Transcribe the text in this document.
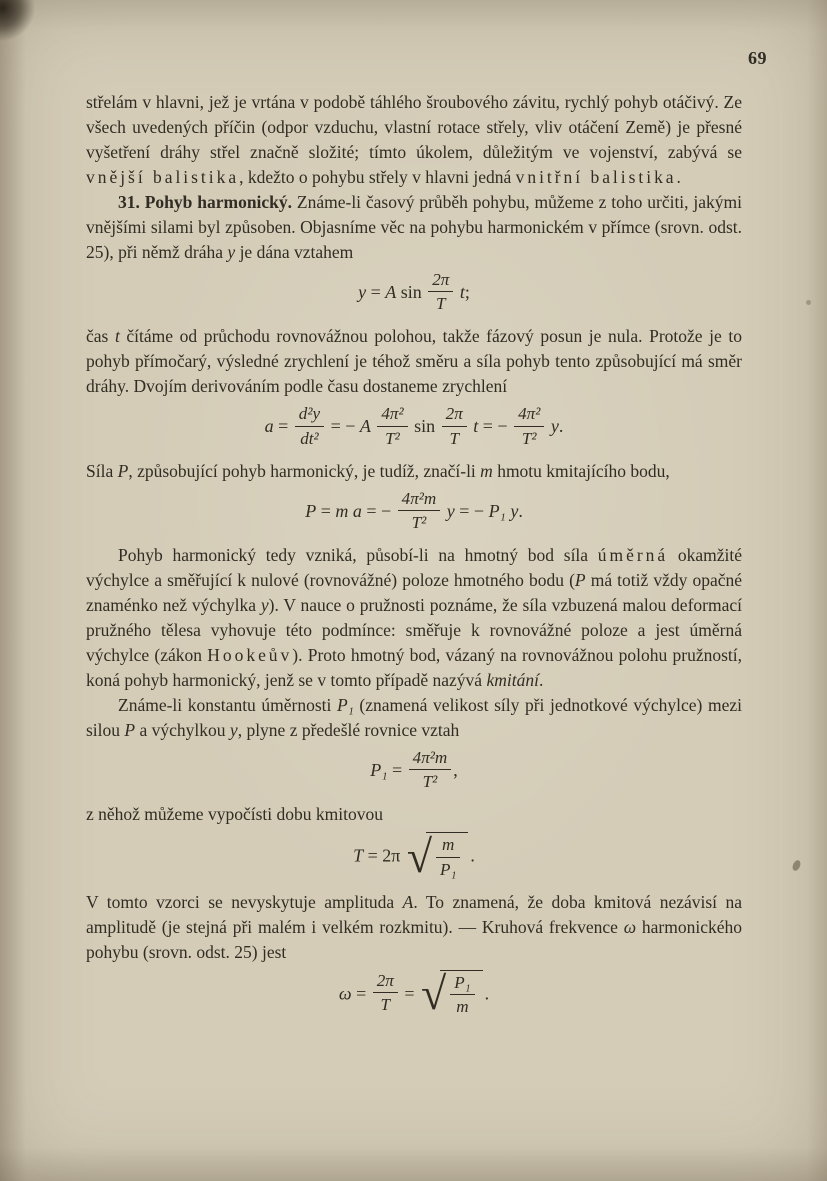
69

střelám v hlavni, jež je vrtána v podobě táhlého šroubového závitu, rychlý pohyb otáčivý. Ze všech uvedených příčin (odpor vzduchu, vlastní rotace střely, vliv otáčení Země) je přesné vyšetření dráhy střel značně složité; tímto úkolem, důležitým ve vojenství, zabývá se vnější balistika, kdežto o pohybu střely v hlavni jedná vnitřní balistika.

31. Pohyb harmonický. Známe-li časový průběh pohybu, můžeme z toho určiti, jakými vnějšími silami byl způsoben. Objasníme věc na pohybu harmonickém v přímce (srovn. odst. 25), při němž dráha y je dána vztahem

y = A $\sin \frac{2\pi}{T} t$;

čas t čítáme od průchodu rovnovážnou polohou, takže fázový posun je nula. Protože je to pohyb přímočarý, výsledné zrychlení je téhož směru a síla pohyb tento způsobující má směr dráhy. Dvojím derivováním podle času dostaneme zrychlení

$a = \frac{\text{d²y}}{\text{dt²}}$ = − A $\frac{\text{4π²}}{\text{T²}}$ $\sin \frac{2\pi}{T}$ t = − $\frac{\text{4π²}}{\text{T²}} y$.

Síla P, způsobující pohyb harmonický, je tudíž, značí-li m hmotu kmitajícího bodu,

P = m a = − $\frac{\text{4π²m}}{\text{T²}}$ y = − P₁ y.

Pohyb harmonický tedy vzniká, působí-li na hmotný bod síla úměrná okamžité výchylce a směřující k nulové (rovnovážné) poloze hmotného bodu (P má totiž vždy opačné znaménko než výchylka y). V nauce o pružnosti poznáme, že síla vzbuzená malou deformací pružného tělesa vyhovuje této podmínce: směřuje k rovnovážné poloze a jest úměrná výchylce (zákon Hookeův). Proto hmotný bod, vázaný na rovnovážnou polohu pružností, koná pohyb harmonický, jenž se v tomto případě nazývá kmitání.

Známe-li konstantu úměrnosti P₁ (znamená velikost síly při jednotkové výchylce) mezi silou P a výchylkou y, plyne z předešlé rovnice vztah

$P_1 = \frac{\text{4π²m}}{\text{T²}}$ ,

z něhož můžeme vypočísti dobu kmitovou

T = 2π √ $\frac{m}{\text{P₁}}$ .

V tomto vzorci se nevyskytuje amplituda A. To znamená, že doba kmitová nezávisí na amplitudě (je stejná při malém i velkém rozkmitu). — Kruhová frekvence ω harmonického pohybu (srovn. odst. 25) jest

$\omega = \frac{2\pi}{T}$ = √ $\frac{\text{P₁}}{m}$ .
